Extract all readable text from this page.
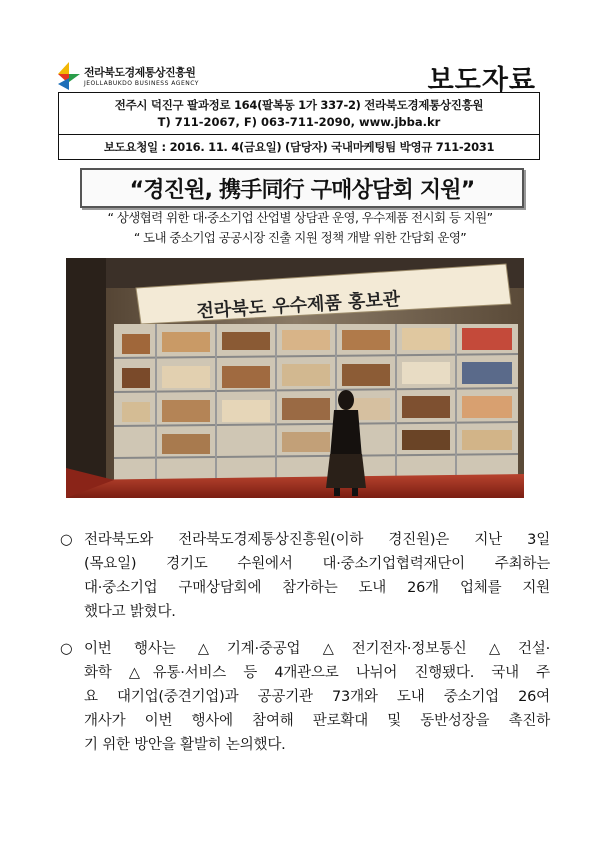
전라북도경제통상진흥원
JEOLLABUKDO BUSINESS AGENCY	보도자료
전주시 덕진구 팔과정로 164(팔복동 1가 337-2) 전라북도경제통상진흥원
T) 711-2067, F) 063-711-2090, www.jbba.kr
보도요청일 : 2016. 11. 4(금요일) (담당자) 국내마케팅팀 박영규 711-2031
“경진원, 携手同行 구매상담회 지원”
“ 상생협력 위한 대·중소기업 산업별 상담관 운영, 우수제품 전시회 등 지원”
“ 도내 중소기업 공공시장 진출 지원 정책 개발 위한 간담회 운영”
전라북도 우수제품 홍보관
○ 전라북도와 전라북도경제통상진흥원(이하 경진원)은 지난 3일
(목요일) 경기도 수원에서 대·중소기업협력재단이 주최하는
대·중소기업 구매상담회에 참가하는 도내 26개 업체를 지원
했다고 밝혔다.
○ 이번 행사는 △기계·중공업 △전기전자·정보통신 △건설·
화학 △유통·서비스 등 4개관으로 나뉘어 진행됐다. 국내 주
요 대기업(중견기업)과 공공기관 73개와 도내 중소기업 26여
개사가 이번 행사에 참여해 판로확대 및 동반성장을 촉진하
기 위한 방안을 활발히 논의했다.
